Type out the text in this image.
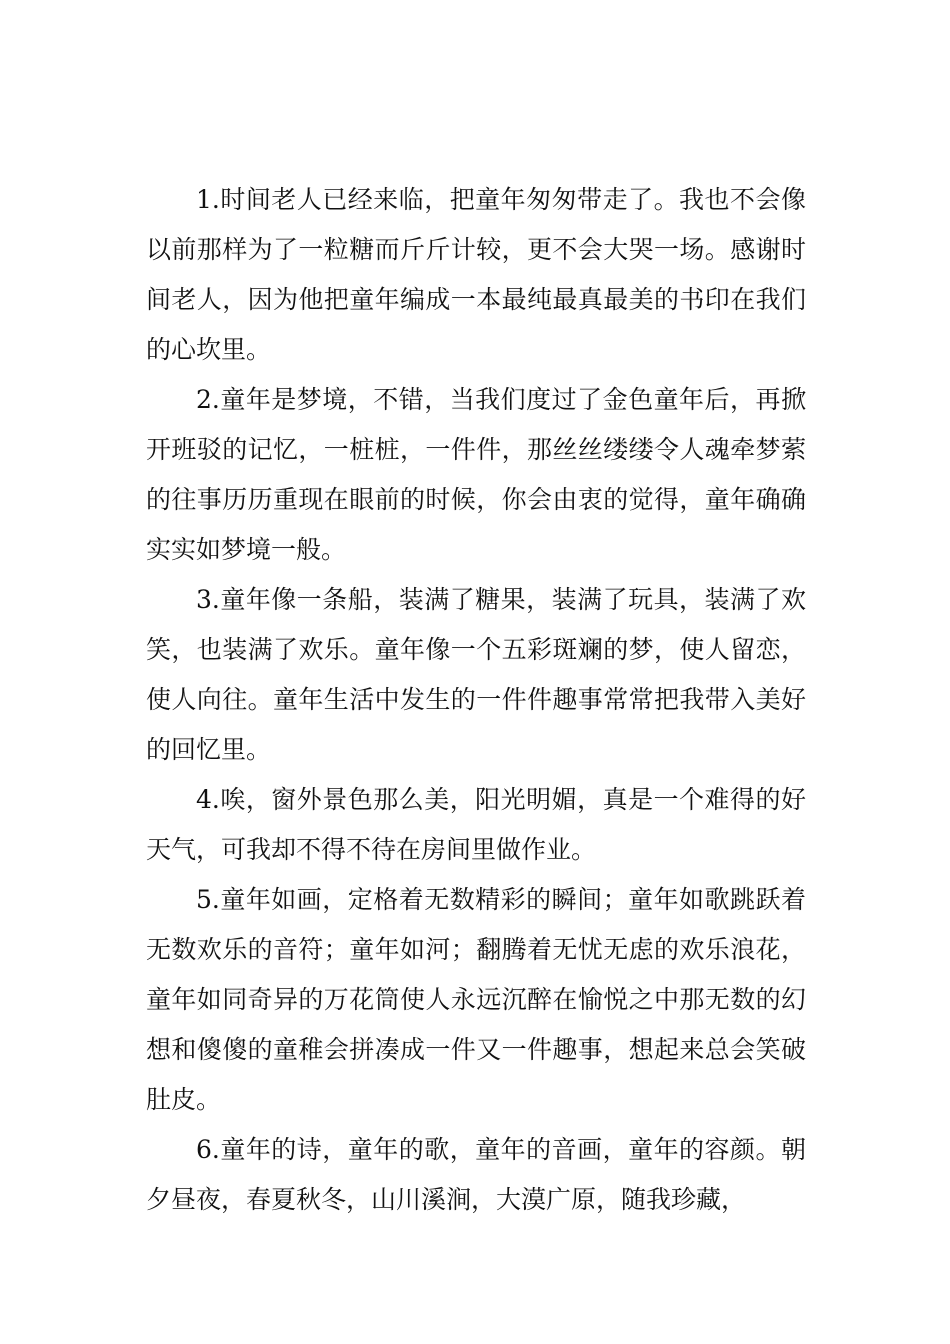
1.时间老人已经来临，把童年匆匆带走了。我也不会像以前那样为了一粒糖而斤斤计较，更不会大哭一场。感谢时间老人，因为他把童年编成一本最纯最真最美的书印在我们的心坎里。

2.童年是梦境，不错，当我们度过了金色童年后，再掀开班驳的记忆，一桩桩，一件件，那丝丝缕缕令人魂牵梦萦的往事历历重现在眼前的时候，你会由衷的觉得，童年确确实实如梦境一般。

3.童年像一条船，装满了糖果，装满了玩具，装满了欢笑，也装满了欢乐。童年像一个五彩斑斓的梦，使人留恋，使人向往。童年生活中发生的一件件趣事常常把我带入美好的回忆里。

4.唉，窗外景色那么美，阳光明媚，真是一个难得的好天气，可我却不得不待在房间里做作业。

5.童年如画，定格着无数精彩的瞬间；童年如歌跳跃着无数欢乐的音符；童年如河；翻腾着无忧无虑的欢乐浪花，童年如同奇异的万花筒使人永远沉醉在愉悦之中那无数的幻想和傻傻的童稚会拼凑成一件又一件趣事，想起来总会笑破肚皮。

6.童年的诗，童年的歌，童年的音画，童年的容颜。朝夕昼夜，春夏秋冬，山川溪涧，大漠广原，随我珍藏，
